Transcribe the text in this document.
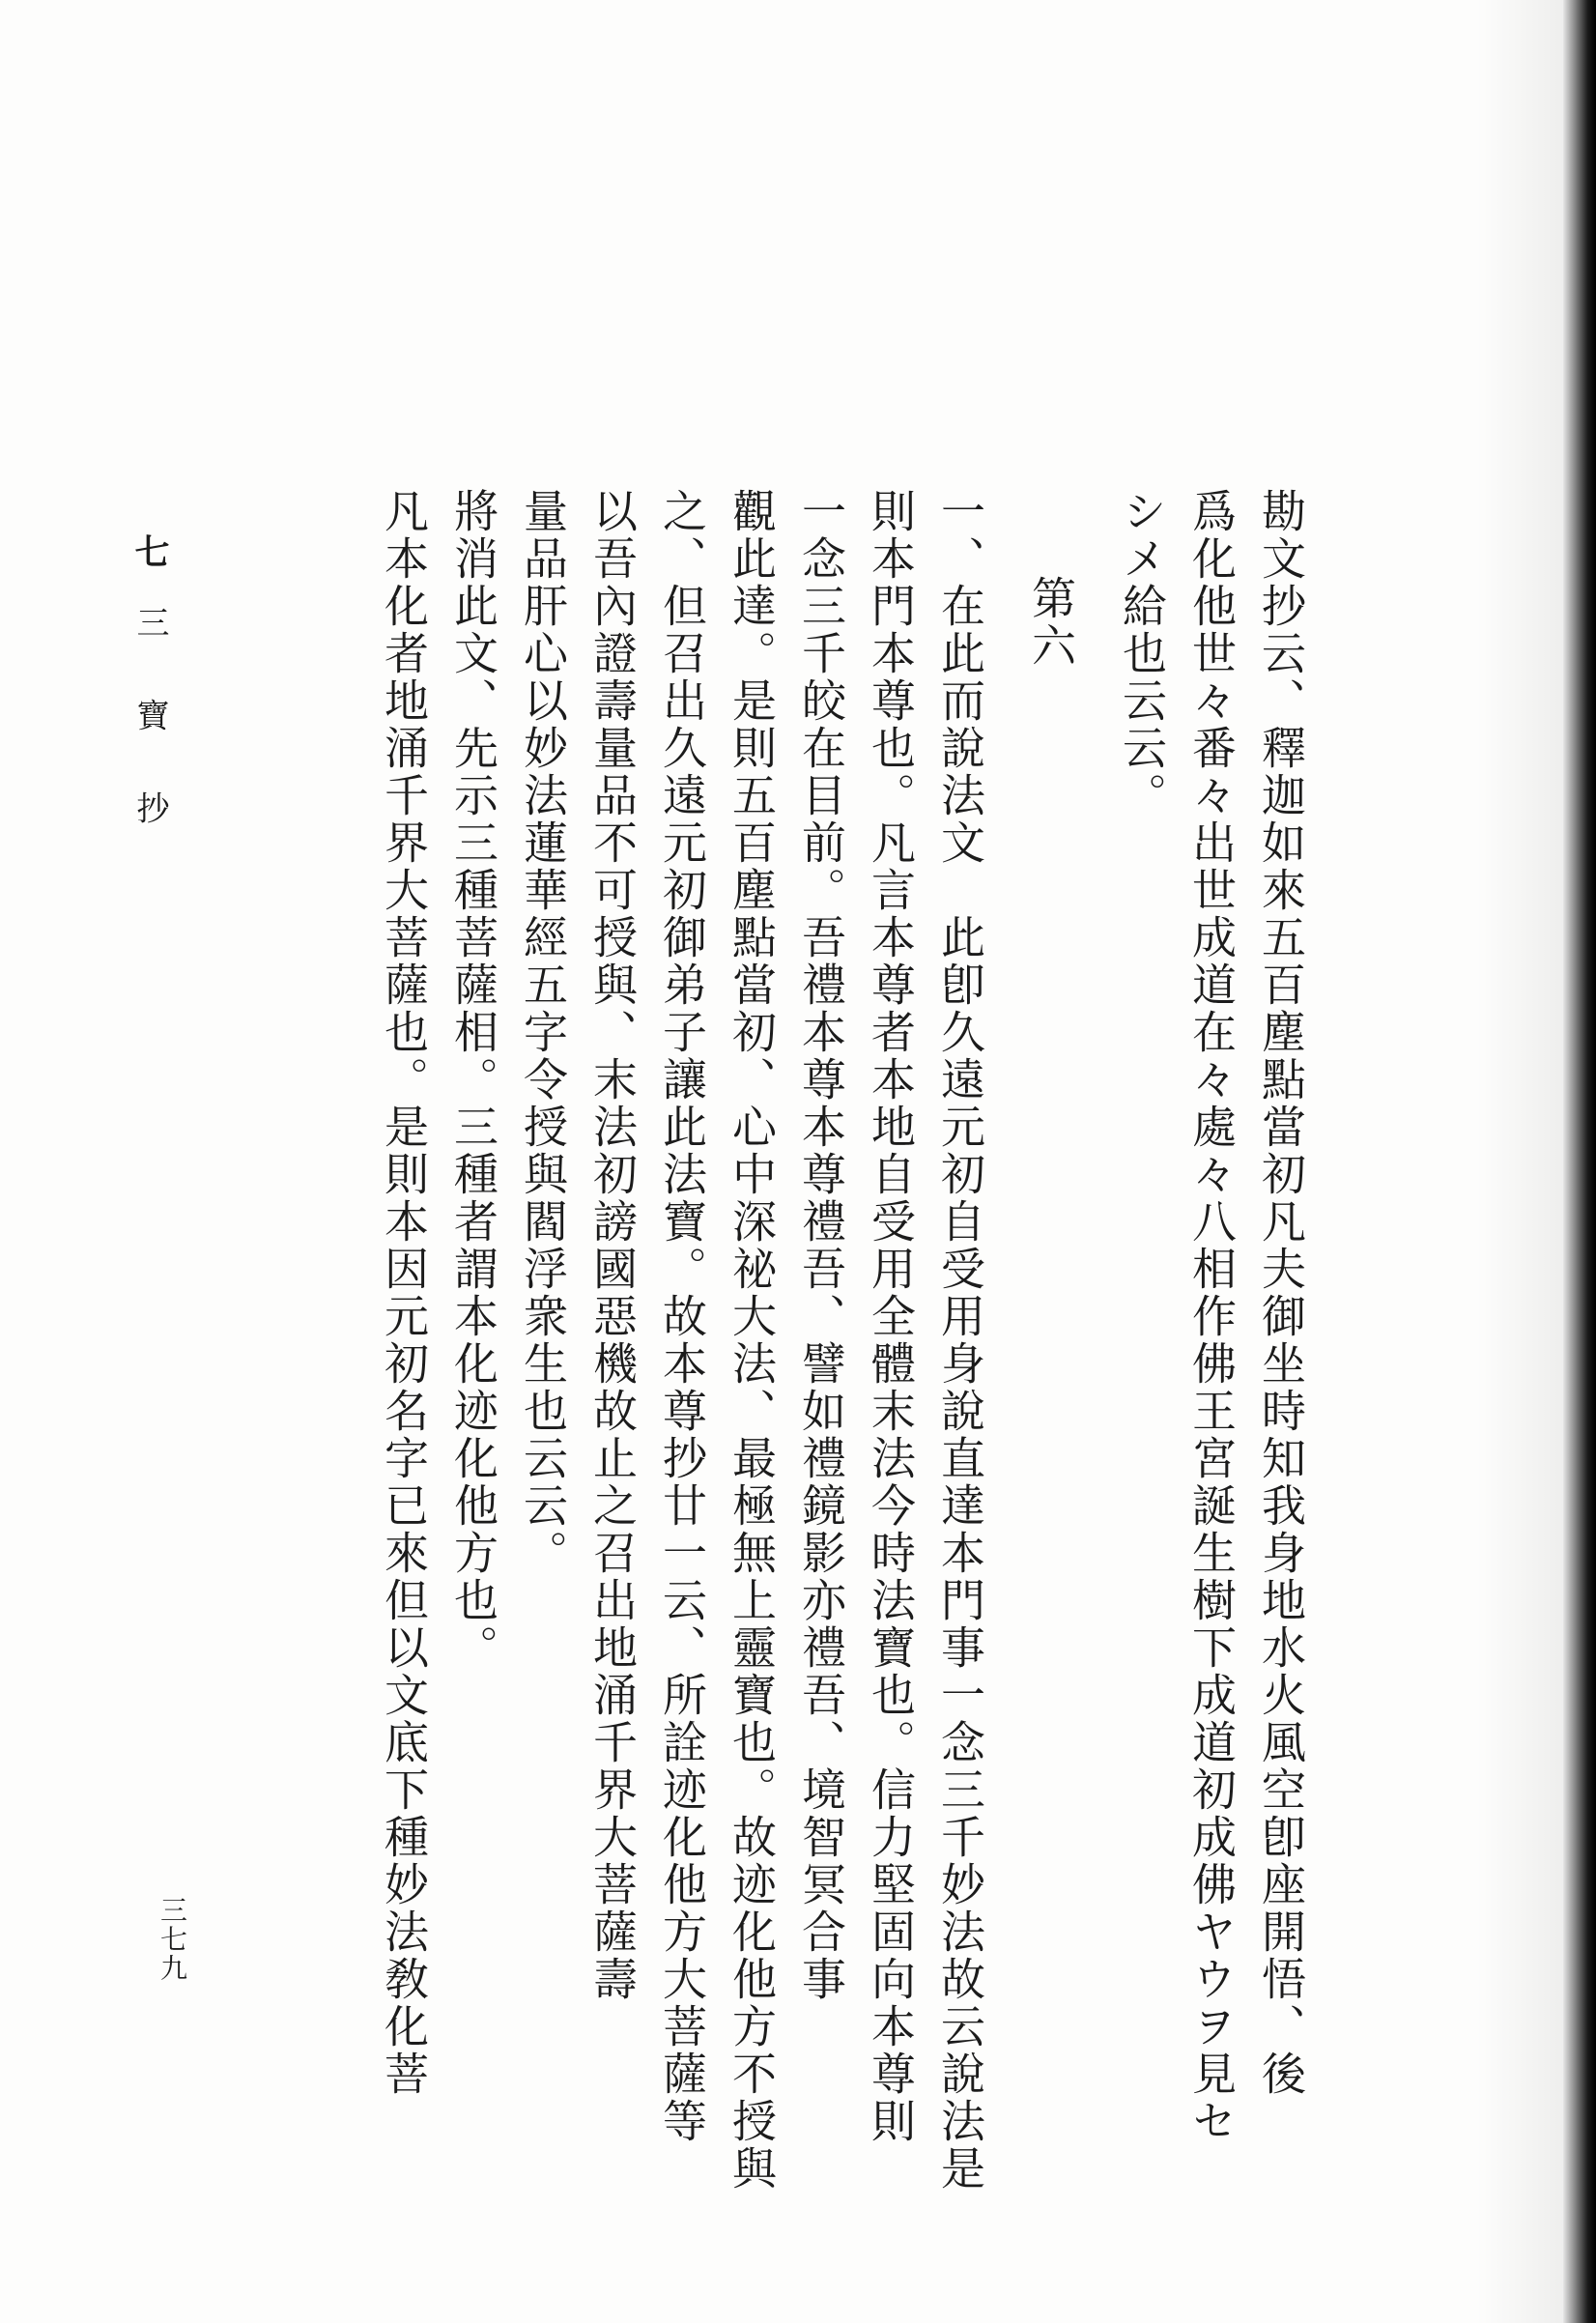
勘文抄云、釋迦如來五百塵點當初凡夫御坐時知我身地水火風空卽座開悟、後

爲化他世々番々出世成道在々處々八相作佛王宮誕生樹下成道初成佛ヤウヲ見セ

シメ給也云云。

第六

一、在此而說法文　此卽久遠元初自受用身說直達本門事一念三千妙法故云說法是

則本門本尊也。凡言本尊者本地自受用全體末法今時法寶也。信力堅固向本尊則

一念三千皎在目前。吾禮本尊本尊禮吾、譬如禮鏡影亦禮吾、境智冥合事

觀此達。是則五百塵點當初、心中深祕大法、最極無上靈寶也。故迹化他方不授與

之、但召出久遠元初御弟子讓此法寶。故本尊抄廿一云、所詮迹化他方大菩薩等

以吾內證壽量品不可授與、末法初謗國惡機故止之召出地涌千界大菩薩壽

量品肝心以妙法蓮華經五字令授與閻浮衆生也云云。

將消此文、先示三種菩薩相。三種者謂本化迹化他方也。

凡本化者地涌千界大菩薩也。是則本因元初名字已來但以文底下種妙法敎化菩

七 三　寶　抄
三七九
